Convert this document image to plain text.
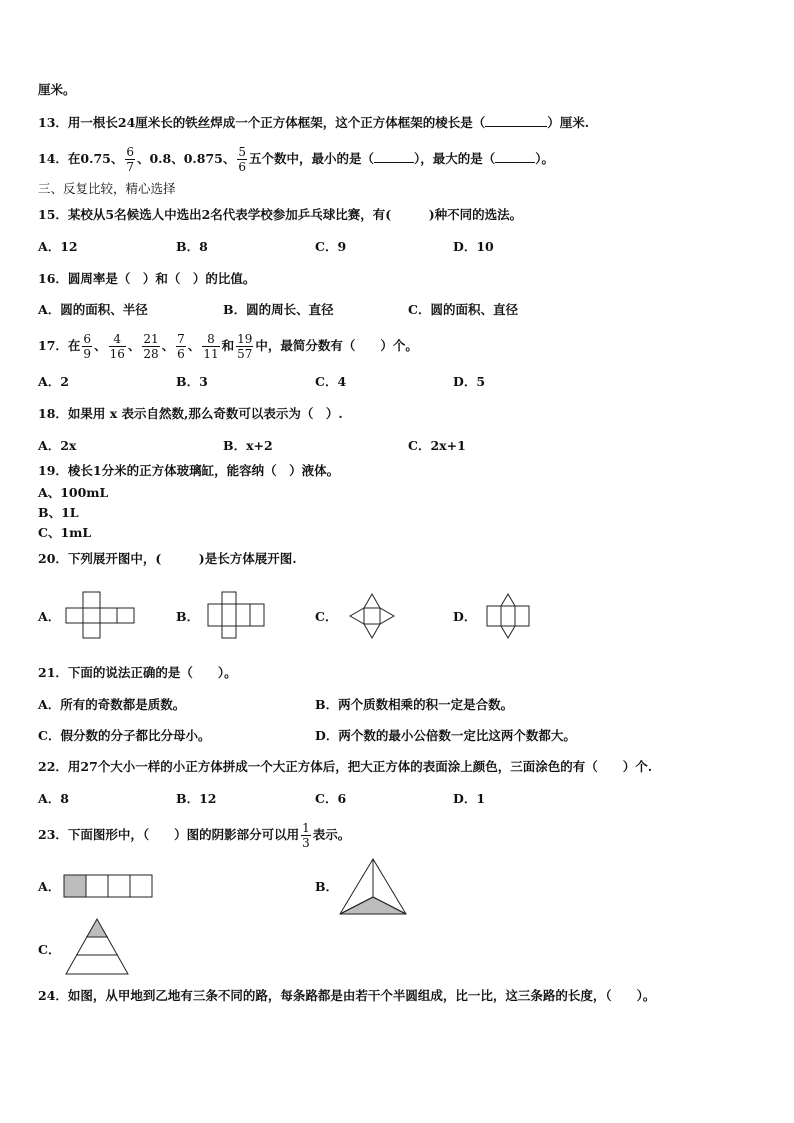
厘米。
13．用一根长24厘米长的铁丝焊成一个正方体框架，这个正方体框架的棱长是（	）厘米.
14．在0.75、 $\frac{6}{7}$ 、0.8、0.875、 $\frac{5}{6}$ 五个数中，最小的是（	），最大的是（	）。
三、反复比较，精心选择
15．某校从5名候选人中选出2名代表学校参加乒乓球比赛，有(　　　)种不同的选法。
A．12	B．8	C．9	D．10
16．圆周率是（　）和（　）的比值。
A．圆的面积、半径	B．圆的周长、直径	C．圆的面积、直径
17．在 $\frac{6}{9}$ 、 $\frac{4}{16}$ 、 $\frac{21}{28}$ 、 $\frac{7}{6}$ 、 $\frac{8}{11}$ 和 $\frac{19}{57}$ 中，最简分数有（　　）个。
A．2	B．3	C．4	D．5
18．如果用 x 表示自然数,那么奇数可以表示为（　）.
A．2x	B．x+2	C．2x+1
19．棱长1分米的正方体玻璃缸，能容纳（　）液体。
A、100mL
B、1L
C、1mL
20．下列展开图中，(　　　)是长方体展开图.
A．	B．	C．	D．
21．下面的说法正确的是（　　）。
A．所有的奇数都是质数。	B．两个质数相乘的积一定是合数。
C．假分数的分子都比分母小。	D．两个数的最小公倍数一定比这两个数都大。
22．用27个大小一样的小正方体拼成一个大正方体后，把大正方体的表面涂上颜色，三面涂色的有（　　）个.
A．8	B．12	C．6	D．1
23．下面图形中，（　　）图的阴影部分可以用 $\frac{1}{3}$ 表示。
A．	B．
C．
24．如图，从甲地到乙地有三条不同的路，每条路都是由若干个半圆组成，比一比，这三条路的长度，（　　）。
